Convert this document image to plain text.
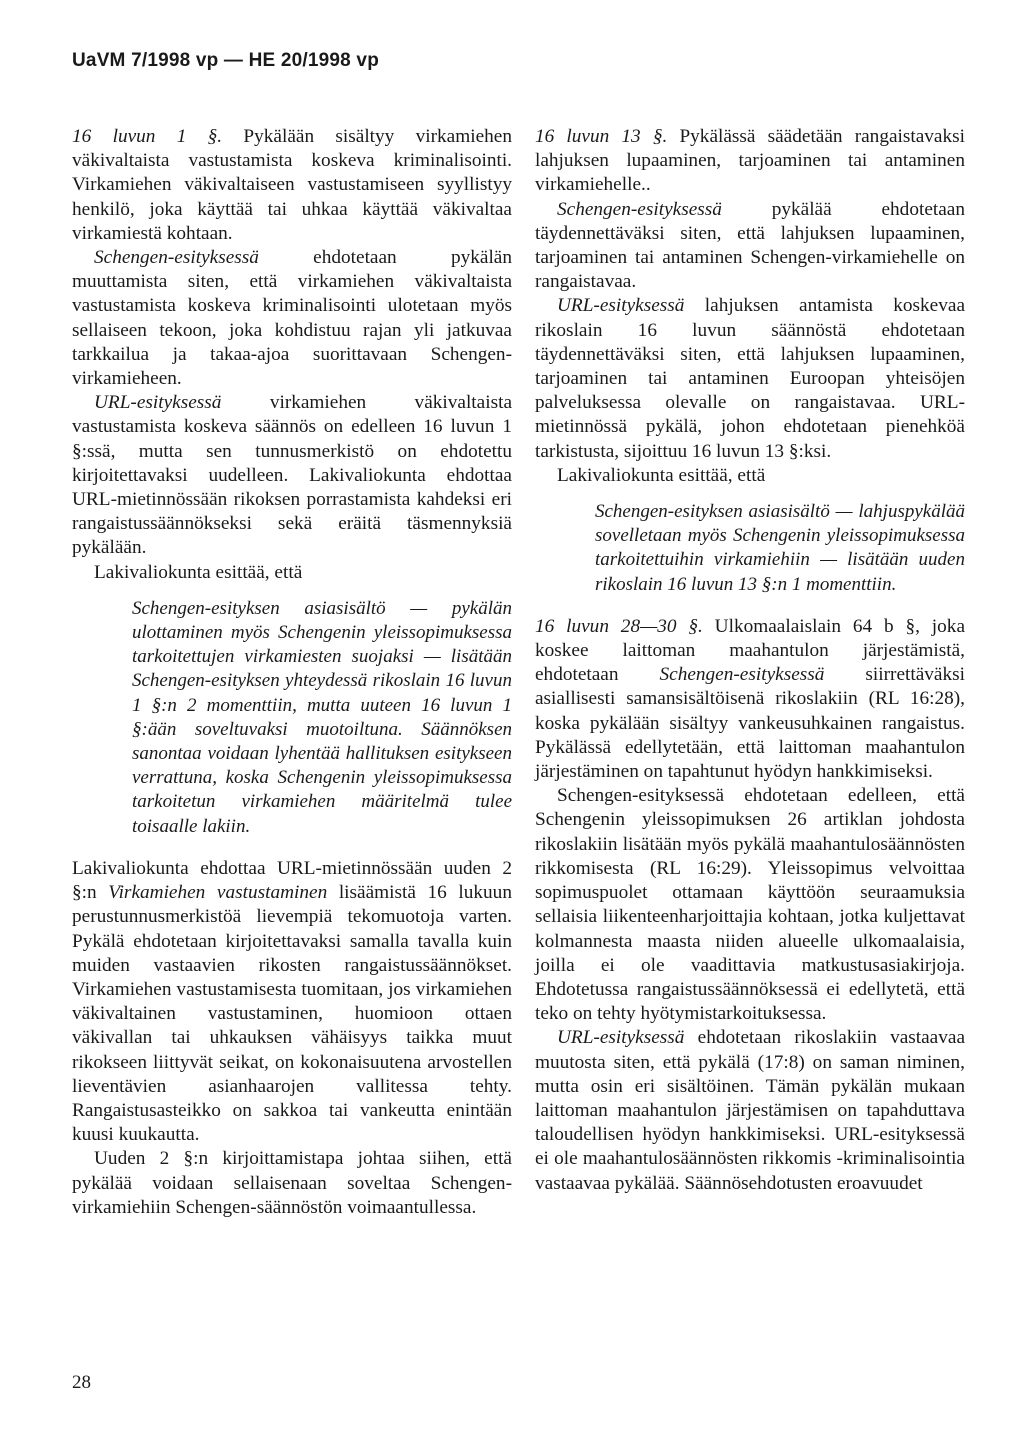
UaVM 7/1998 vp — HE 20/1998 vp

16 luvun 1 §. Pykälään sisältyy virkamiehen väkivaltaista vastustamista koskeva kriminalisointi. Virkamiehen väkivaltaiseen vastustamiseen syyllistyy henkilö, joka käyttää tai uhkaa käyttää väkivaltaa virkamiestä kohtaan.

Schengen-esityksessä ehdotetaan pykälän muuttamista siten, että virkamiehen väkivaltaista vastustamista koskeva kriminalisointi ulotetaan myös sellaiseen tekoon, joka kohdistuu rajan yli jatkuvaa tarkkailua ja takaa-ajoa suorittavaan Schengen-virkamieheen.

URL-esityksessä virkamiehen väkivaltaista vastustamista koskeva säännös on edelleen 16 luvun 1 §:ssä, mutta sen tunnusmerkistö on ehdotettu kirjoitettavaksi uudelleen. Lakivaliokunta ehdottaa URL-mietinnössään rikoksen porrastamista kahdeksi eri rangaistussäännökseksi sekä eräitä täsmennyksiä pykälään.

Lakivaliokunta esittää, että

Schengen-esityksen asiasisältö — pykälän ulottaminen myös Schengenin yleissopimuksessa tarkoitettujen virkamiesten suojaksi — lisätään Schengen-esityksen yhteydessä rikoslain 16 luvun 1 §:n 2 momenttiin, mutta uuteen 16 luvun 1 §:ään soveltuvaksi muotoiltuna. Säännöksen sanontaa voidaan lyhentää hallituksen esitykseen verrattuna, koska Schengenin yleissopimuksessa tarkoitetun virkamiehen määritelmä tulee toisaalle lakiin.

Lakivaliokunta ehdottaa URL-mietinnössään uuden 2 §:n Virkamiehen vastustaminen lisäämistä 16 lukuun perustunnusmerkistöä lievempiä tekomuotoja varten. Pykälä ehdotetaan kirjoitettavaksi samalla tavalla kuin muiden vastaavien rikosten rangaistussäännökset. Virkamiehen vastustamisesta tuomitaan, jos virkamiehen väkivaltainen vastustaminen, huomioon ottaen väkivallan tai uhkauksen vähäisyys taikka muut rikokseen liittyvät seikat, on kokonaisuutena arvostellen lieventävien asianhaarojen vallitessa tehty. Rangaistusasteikko on sakkoa tai vankeutta enintään kuusi kuukautta.

Uuden 2 §:n kirjoittamistapa johtaa siihen, että pykälää voidaan sellaisenaan soveltaa Schengen-virkamiehiin Schengen-säännöstön voimaantullessa.

16 luvun 13 §. Pykälässä säädetään rangaistavaksi lahjuksen lupaaminen, tarjoaminen tai antaminen virkamiehelle..

Schengen-esityksessä pykälää ehdotetaan täydennettäväksi siten, että lahjuksen lupaaminen, tarjoaminen tai antaminen Schengen-virkamiehelle on rangaistavaa.

URL-esityksessä lahjuksen antamista koskevaa rikoslain 16 luvun säännöstä ehdotetaan täydennettäväksi siten, että lahjuksen lupaaminen, tarjoaminen tai antaminen Euroopan yhteisöjen palveluksessa olevalle on rangaistavaa. URL-mietinnössä pykälä, johon ehdotetaan pienehköä tarkistusta, sijoittuu 16 luvun 13 §:ksi.

Lakivaliokunta esittää, että

Schengen-esityksen asiasisältö — lahjuspykälää sovelletaan myös Schengenin yleissopimuksessa tarkoitettuihin virkamiehiin — lisätään uuden rikoslain 16 luvun 13 §:n 1 momenttiin.

16 luvun 28—30 §. Ulkomaalaislain 64 b §, joka koskee laittoman maahantulon järjestämistä, ehdotetaan Schengen-esityksessä siirrettäväksi asiallisesti samansisältöisenä rikoslakiin (RL 16:28), koska pykälään sisältyy vankeusuhkainen rangaistus. Pykälässä edellytetään, että laittoman maahantulon järjestäminen on tapahtunut hyödyn hankkimiseksi.

Schengen-esityksessä ehdotetaan edelleen, että Schengenin yleissopimuksen 26 artiklan johdosta rikoslakiin lisätään myös pykälä maahantulosäännösten rikkomisesta (RL 16:29). Yleissopimus velvoittaa sopimuspuolet ottamaan käyttöön seuraamuksia sellaisia liikenteenharjoittajia kohtaan, jotka kuljettavat kolmannesta maasta niiden alueelle ulkomaalaisia, joilla ei ole vaadittavia matkustusasiakirjoja. Ehdotetussa rangaistussäännöksessä ei edellytetä, että teko on tehty hyötymistarkoituksessa.

URL-esityksessä ehdotetaan rikoslakiin vastaavaa muutosta siten, että pykälä (17:8) on saman niminen, mutta osin eri sisältöinen. Tämän pykälän mukaan laittoman maahantulon järjestämisen on tapahduttava taloudellisen hyödyn hankkimiseksi. URL-esityksessä ei ole maahantulosäännösten rikkomis -kriminalisointia vastaavaa pykälää. Säännösehdotusten eroavuudet

28
